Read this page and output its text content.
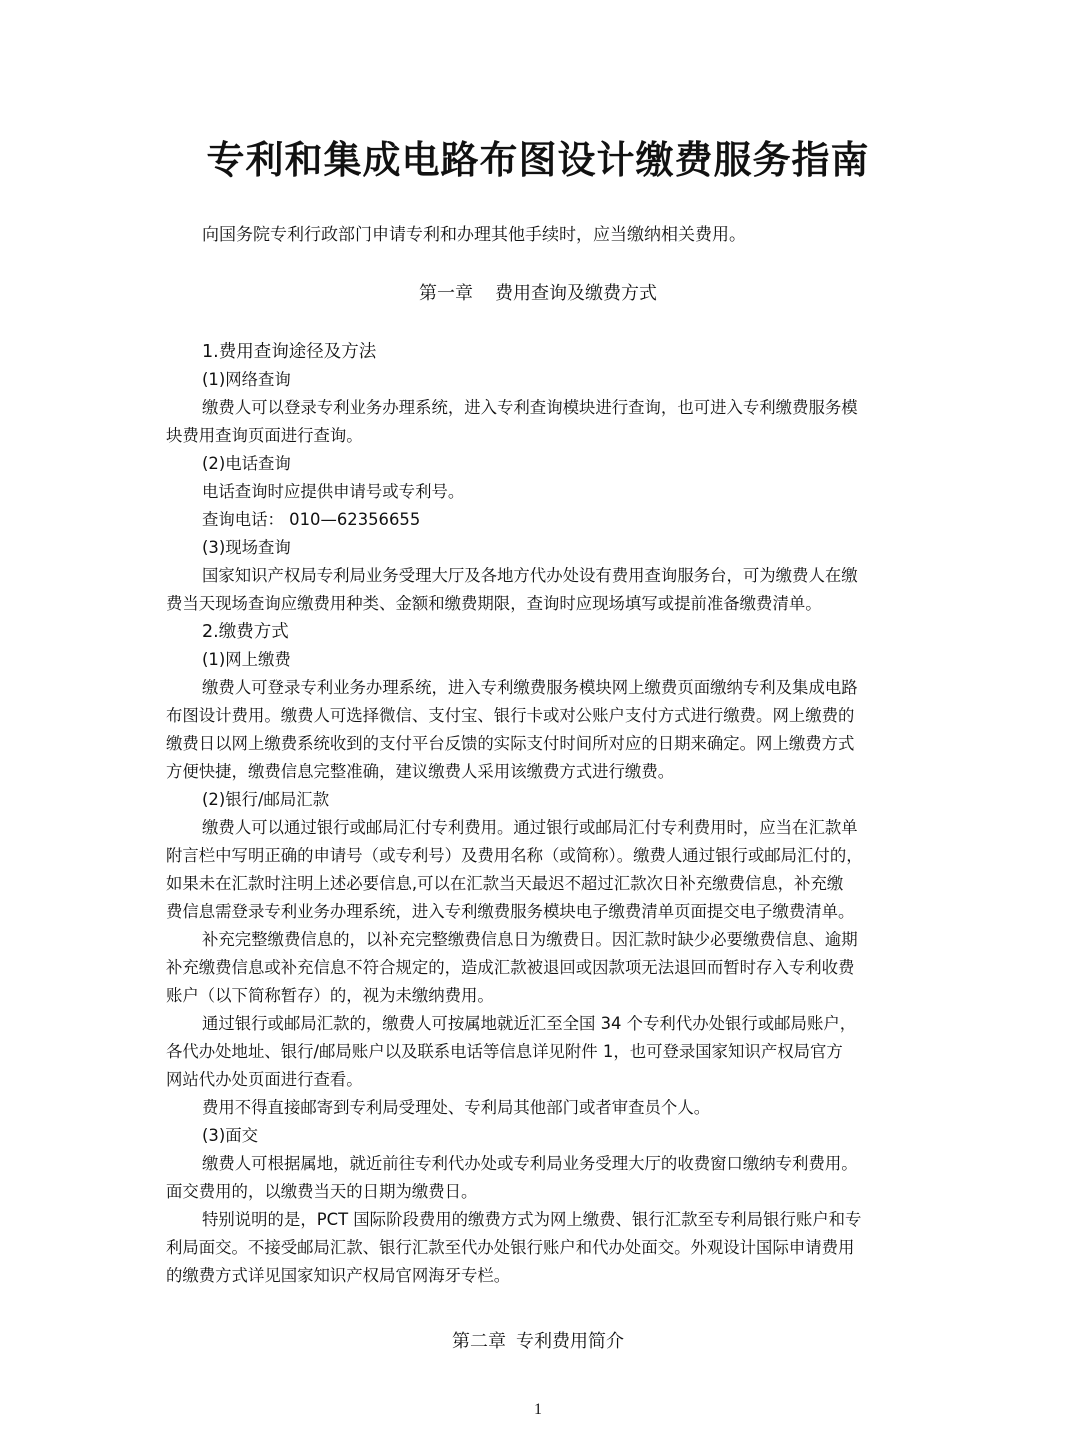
专利和集成电路布图设计缴费服务指南
向国务院专利行政部门申请专利和办理其他手续时，应当缴纳相关费用。
第一章 费用查询及缴费方式
1.费用查询途径及方法
(1)网络查询
缴费人可以登录专利业务办理系统，进入专利查询模块进行查询，也可进入专利缴费服务模
块费用查询页面进行查询。
(2)电话查询
电话查询时应提供申请号或专利号。
查询电话： 010—62356655
(3)现场查询
国家知识产权局专利局业务受理大厅及各地方代办处设有费用查询服务台，可为缴费人在缴
费当天现场查询应缴费用种类、金额和缴费期限，查询时应现场填写或提前准备缴费清单。
2.缴费方式
(1)网上缴费
缴费人可登录专利业务办理系统，进入专利缴费服务模块网上缴费页面缴纳专利及集成电路
布图设计费用。缴费人可选择微信、支付宝、银行卡或对公账户支付方式进行缴费。网上缴费的
缴费日以网上缴费系统收到的支付平台反馈的实际支付时间所对应的日期来确定。网上缴费方式
方便快捷，缴费信息完整准确，建议缴费人采用该缴费方式进行缴费。
(2)银行/邮局汇款
缴费人可以通过银行或邮局汇付专利费用。通过银行或邮局汇付专利费用时，应当在汇款单
附言栏中写明正确的申请号（或专利号）及费用名称（或简称）。缴费人通过银行或邮局汇付的，
如果未在汇款时注明上述必要信息,可以在汇款当天最迟不超过汇款次日补充缴费信息，补充缴
费信息需登录专利业务办理系统，进入专利缴费服务模块电子缴费清单页面提交电子缴费清单。
补充完整缴费信息的，以补充完整缴费信息日为缴费日。因汇款时缺少必要缴费信息、逾期
补充缴费信息或补充信息不符合规定的，造成汇款被退回或因款项无法退回而暂时存入专利收费
账户（以下简称暂存）的，视为未缴纳费用。
通过银行或邮局汇款的，缴费人可按属地就近汇至全国 34 个专利代办处银行或邮局账户，
各代办处地址、银行/邮局账户以及联系电话等信息详见附件 1，也可登录国家知识产权局官方
网站代办处页面进行查看。
费用不得直接邮寄到专利局受理处、专利局其他部门或者审查员个人。
(3)面交
缴费人可根据属地，就近前往专利代办处或专利局业务受理大厅的收费窗口缴纳专利费用。
面交费用的，以缴费当天的日期为缴费日。
特别说明的是，PCT 国际阶段费用的缴费方式为网上缴费、银行汇款至专利局银行账户和专
利局面交。不接受邮局汇款、银行汇款至代办处银行账户和代办处面交。外观设计国际申请费用
的缴费方式详见国家知识产权局官网海牙专栏。
第二章 专利费用简介
1
